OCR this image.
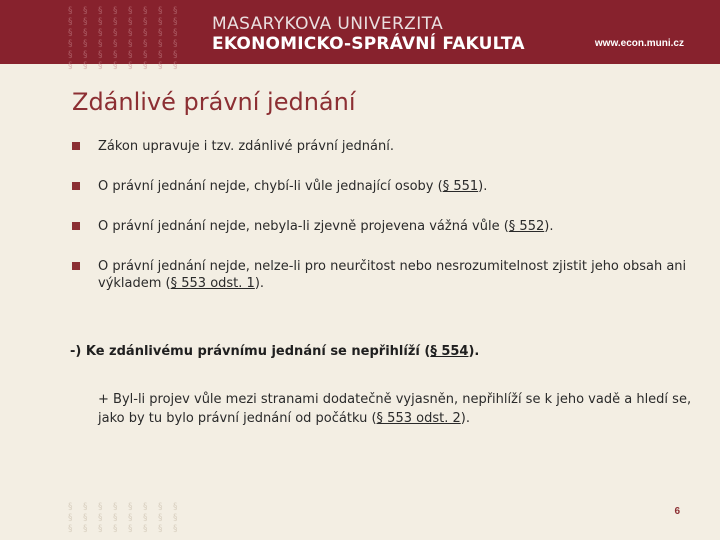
§ § § § § § § §
§ § § § § § § §
§ § § § § § § §
§ § § § § § § §
§ § § § § § § §
§ § § § § § § §
MASARYKOVA UNIVERZITA
EKONOMICKO-SPRÁVNÍ FAKULTA	www.econ.muni.cz
Zdánlivé právní jednání
Zákon upravuje i tzv. zdánlivé právní jednání.
O právní jednání nejde, chybí-li vůle jednající osoby (§ 551).
O právní jednání nejde, nebyla-li zjevně projevena vážná vůle (§ 552).
O právní jednání nejde, nelze-li pro neurčitost nebo nesrozumitelnost zjistit jeho obsah ani výkladem (§ 553 odst. 1).
-) Ke zdánlivému právnímu jednání se nepřihlíží (§ 554).
+ Byl-li projev vůle mezi stranami dodatečně vyjasněn, nepřihlíží se k jeho vadě a hledí se, jako by tu bylo právní jednání od počátku (§ 553 odst. 2).
§ § § § § § § §
§ § § § § § § §
§ § § § § § § §
6
